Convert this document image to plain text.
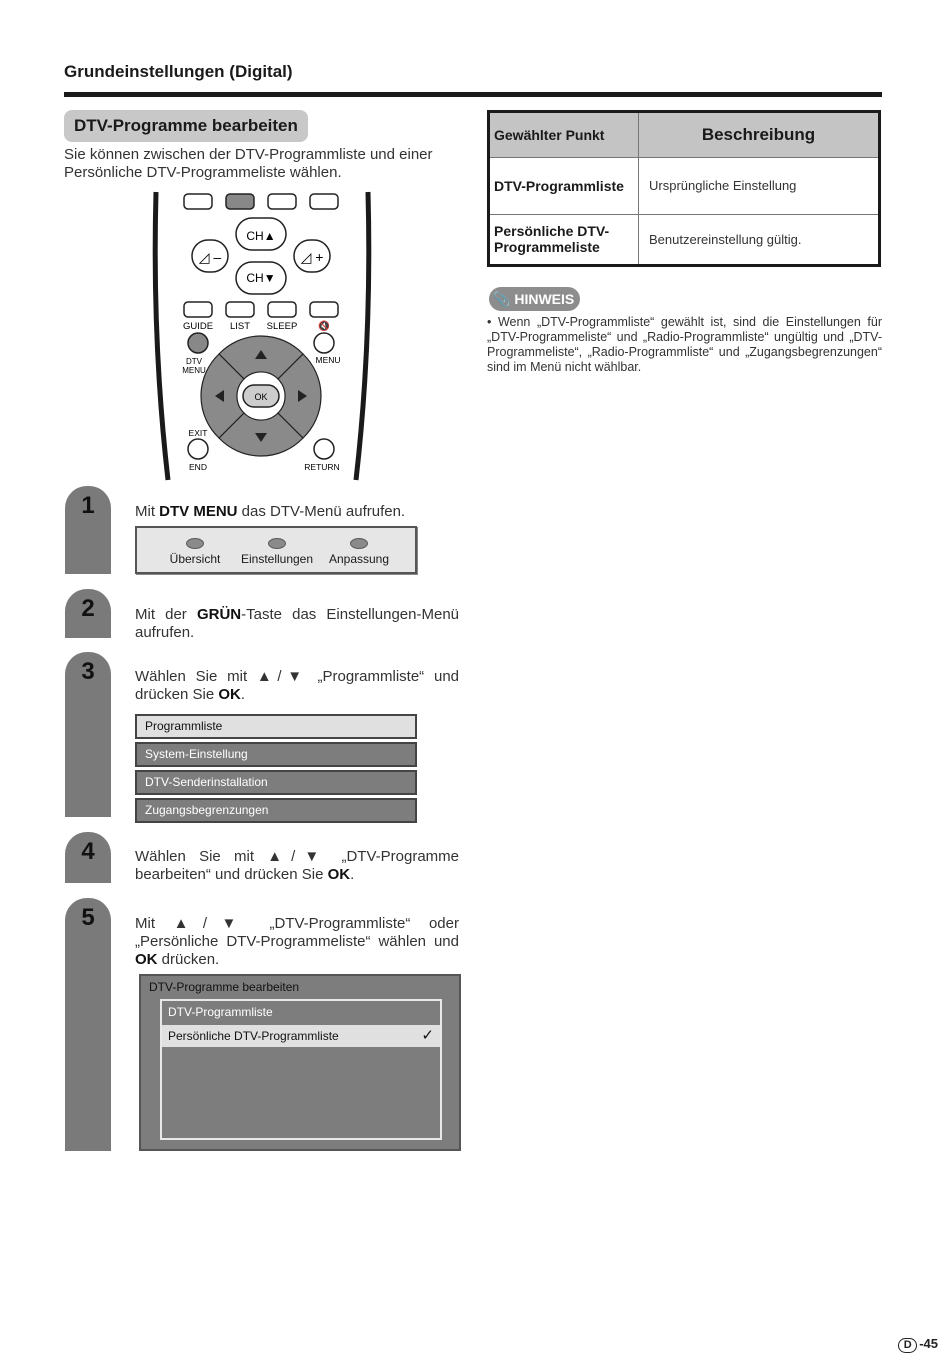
Grundeinstellungen (Digital)
DTV-Programme bearbeiten
Sie können zwischen der DTV-Programmliste und einer Persönliche DTV-Programmeliste wählen.
◿ –	◿ +
CH▲
CH▼
GUIDE LIST SLEEP 🔇
DTV
MENU
MENU
OK
EXIT
END	RETURN
1
2
3
4
5
Mit DTV MENU das DTV-Menü aufrufen.
Mit der GRÜN-Taste das Einstellungen-Menü aufrufen.
Wählen Sie mit ▲/▼ „Programmliste“ und drücken Sie OK.
Wählen Sie mit ▲/▼ „DTV-Programme bearbeiten“ und drücken Sie OK.
Mit ▲/▼ „DTV-Programmliste“ oder „Persönliche DTV-Programmeliste“ wählen und OK drücken.
Übersicht	Einstellungen	Anpassung
Programmliste
System-Einstellung
DTV-Senderinstallation
Zugangsbegrenzungen
DTV-Programme bearbeiten
DTV-Programmliste
Persönliche DTV-Programmliste	✓
Gewählter Punkt	Beschreibung
DTV-Programmliste	Ursprüngliche Einstellung
Persönliche DTV-Programmeliste	Benutzereinstellung gültig.
📎 HINWEIS
• Wenn „DTV-Programmliste“ gewählt ist, sind die Einstellungen für „DTV-Programmeliste“ und „Radio-Programmliste“ ungültig und „DTV-Programmeliste“, „Radio-Programmliste“ und „Zugangsbegrenzungen“ sind im Menü nicht wählbar.
D -45
